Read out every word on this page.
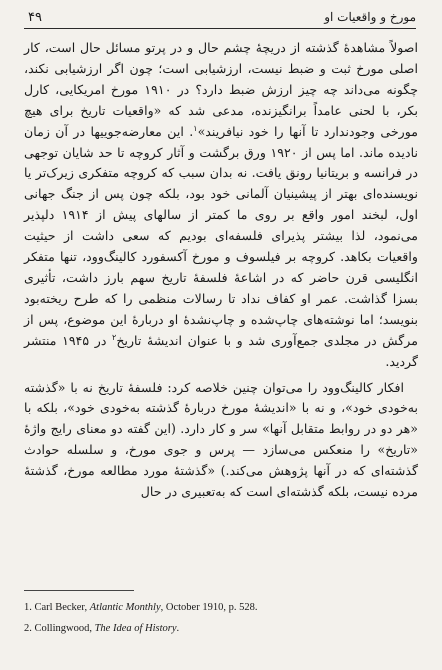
۴۹	مورخ و واقعیات او

اصولاً مشاهدهٔ گذشته از دریچهٔ چشم حال و در پرتو مسائل حال است، کار اصلی مورخ ثبت و ضبط نیست، ارزشیابی است؛ چون اگر ارزشیابی نکند، چگونه می‌داند چه چیز ارزش ضبط دارد؟ در ۱۹۱۰ مورخ امریکایی، کارل بکر، با لحنی عامداً برانگیزنده، مدعی شد که «واقعیات تاریخ برای هیچ مورخی وجودندارد تا آنها را خود نیافریند»$^۱$. این معارضه‌جوییها در آن زمان نادیده ماند. اما پس از ۱۹۲۰ ورق برگشت و آثار کروچه تا حد شایان توجهی در فرانسه و بریتانیا رونق یافت. نه بدان سبب که کروچه متفکری زیرک‌تر یا نویسنده‌ای بهتر از پیشینیان آلمانی خود بود، بلکه چون پس از جنگ جهانی اول، لبخند امور واقع بر روی ما کمتر از سالهای پیش از ۱۹۱۴ دلپذیر می‌نمود، لذا بیشتر پذیرای فلسفه‌ای بودیم که سعی داشت از حیثیت واقعیات بکاهد. کروچه بر فیلسوف و مورخ آکسفورد کالینگ‌وود، تنها متفکر انگلیسی قرن حاضر که در اشاعهٔ فلسفهٔ تاریخ سهم بارز داشت، تأثیری بسزا گذاشت. عمر او کفاف نداد تا رسالات منظمی را که طرح ریخته‌بود بنویسد؛ اما نوشته‌های چاپ‌شده و چاپ‌نشدهٔ او دربارهٔ این موضوع، پس از مرگش در مجلدی جمع‌آوری شد و با عنوان اندیشهٔ تاریخ$^۲$ در ۱۹۴۵ منتشر گردید.

افکار کالینگ‌وود را می‌توان چنین خلاصه کرد: فلسفهٔ تاریخ نه با «گذشته به‌خودی خود»، و نه با «اندیشهٔ مورخ دربارهٔ گذشته به‌خودی خود»، بلکه با «هر دو در روابط متقابل آنها» سر و کار دارد. (این گفته دو معنای رایج واژهٔ «تاریخ» را منعکس می‌سازد — پرس و جوی مورخ، و سلسله حوادث گذشته‌ای که در آنها پژوهش می‌کند.) «گذشتهٔ مورد مطالعه مورخ، گذشتهٔ مرده نیست، بلکه گذشته‌ای است که به‌تعبیری در حال

1. Carl Becker, Atlantic Monthly, October 1910, p. 528.
2. Collingwood, The Idea of History.
